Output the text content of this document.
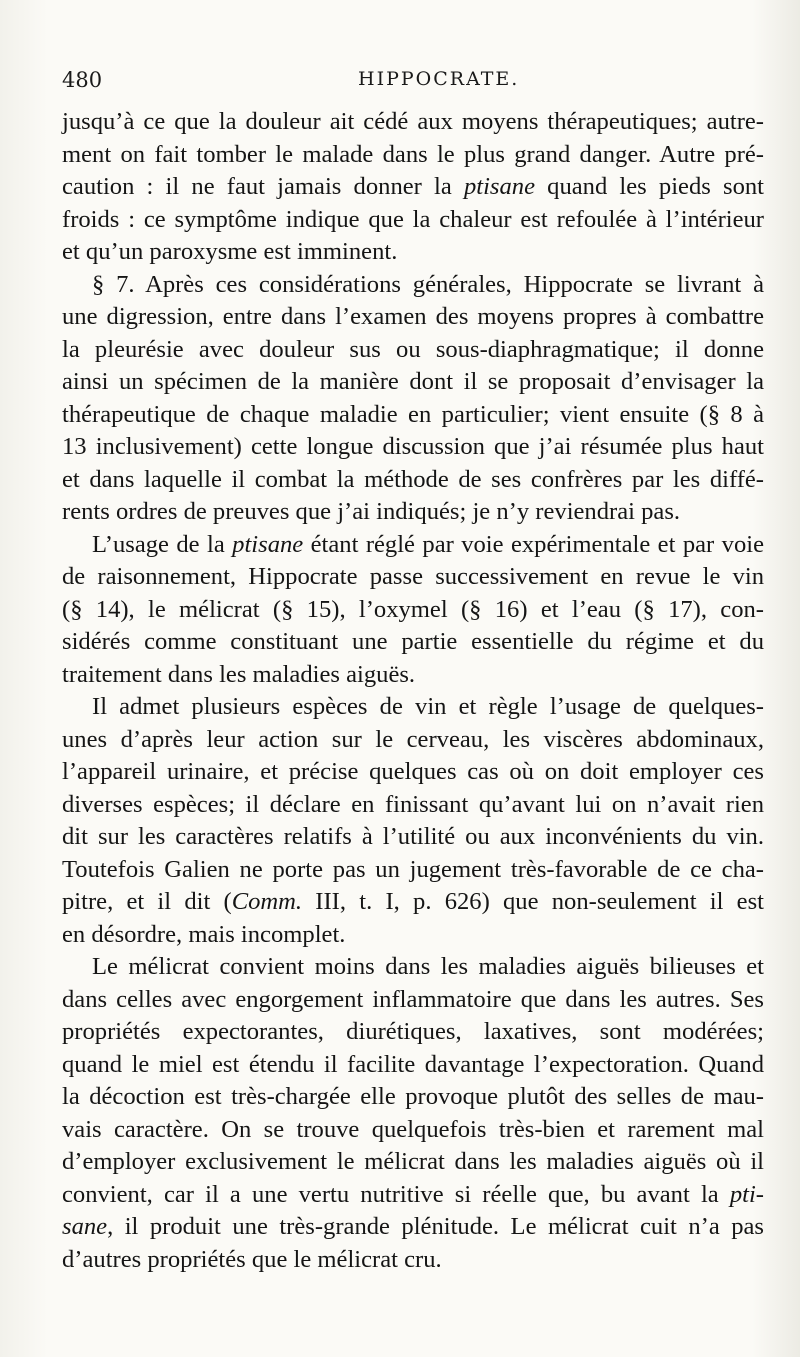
480	HIPPOCRATE.
jusqu’à ce que la douleur ait cédé aux moyens thérapeutiques; autre-
ment on fait tomber le malade dans le plus grand danger. Autre pré-
caution : il ne faut jamais donner la ptisane quand les pieds sont
froids : ce symptôme indique que la chaleur est refoulée à l’intérieur
et qu’un paroxysme est imminent.
§ 7. Après ces considérations générales, Hippocrate se livrant à
une digression, entre dans l’examen des moyens propres à combattre
la pleurésie avec douleur sus ou sous-diaphragmatique; il donne
ainsi un spécimen de la manière dont il se proposait d’envisager la
thérapeutique de chaque maladie en particulier; vient ensuite (§ 8 à
13 inclusivement) cette longue discussion que j’ai résumée plus haut
et dans laquelle il combat la méthode de ses confrères par les diffé-
rents ordres de preuves que j’ai indiqués; je n’y reviendrai pas.
L’usage de la ptisane étant réglé par voie expérimentale et par voie
de raisonnement, Hippocrate passe successivement en revue le vin
(§ 14), le mélicrat (§ 15), l’oxymel (§ 16) et l’eau (§ 17), con-
sidérés comme constituant une partie essentielle du régime et du
traitement dans les maladies aiguës.
Il admet plusieurs espèces de vin et règle l’usage de quelques-
unes d’après leur action sur le cerveau, les viscères abdominaux,
l’appareil urinaire, et précise quelques cas où on doit employer ces
diverses espèces; il déclare en finissant qu’avant lui on n’avait rien
dit sur les caractères relatifs à l’utilité ou aux inconvénients du vin.
Toutefois Galien ne porte pas un jugement très-favorable de ce cha-
pitre, et il dit (Comm. III, t. I, p. 626) que non-seulement il est
en désordre, mais incomplet.
Le mélicrat convient moins dans les maladies aiguës bilieuses et
dans celles avec engorgement inflammatoire que dans les autres. Ses
propriétés expectorantes, diurétiques, laxatives, sont modérées;
quand le miel est étendu il facilite davantage l’expectoration. Quand
la décoction est très-chargée elle provoque plutôt des selles de mau-
vais caractère. On se trouve quelquefois très-bien et rarement mal
d’employer exclusivement le mélicrat dans les maladies aiguës où il
convient, car il a une vertu nutritive si réelle que, bu avant la pti-
sane, il produit une très-grande plénitude. Le mélicrat cuit n’a pas
d’autres propriétés que le mélicrat cru.
